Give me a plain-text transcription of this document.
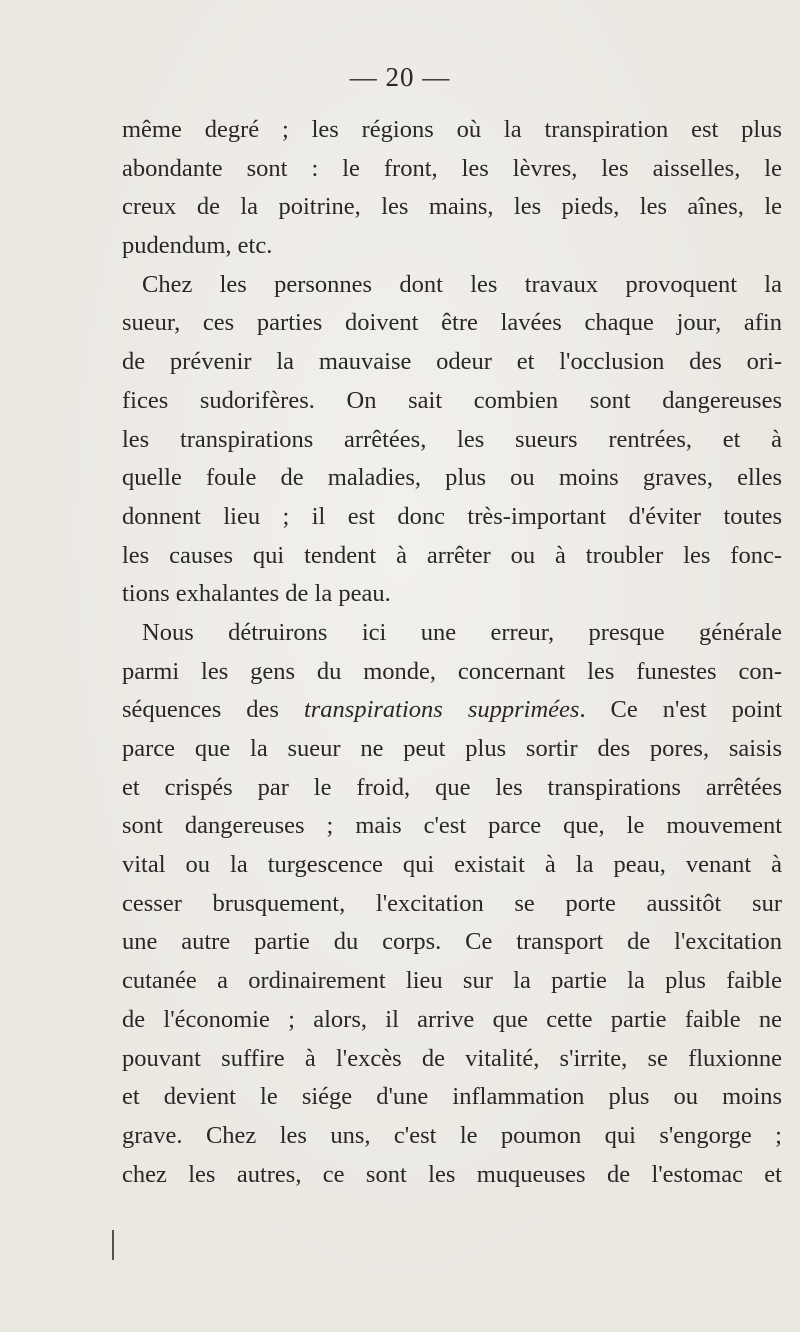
— 20 —
même degré ; les régions où la transpiration est plus
abondante sont : le front, les lèvres, les aisselles, le
creux de la poitrine, les mains, les pieds, les aînes, le
pudendum, etc.
Chez les personnes dont les travaux provoquent la
sueur, ces parties doivent être lavées chaque jour, afin
de prévenir la mauvaise odeur et l'occlusion des ori-
fices sudorifères. On sait combien sont dangereuses
les transpirations arrêtées, les sueurs rentrées, et à
quelle foule de maladies, plus ou moins graves, elles
donnent lieu ; il est donc très-important d'éviter toutes
les causes qui tendent à arrêter ou à troubler les fonc-
tions exhalantes de la peau.
Nous détruirons ici une erreur, presque générale
parmi les gens du monde, concernant les funestes con-
séquences des transpirations supprimées. Ce n'est point
parce que la sueur ne peut plus sortir des pores, saisis
et crispés par le froid, que les transpirations arrêtées
sont dangereuses ; mais c'est parce que, le mouvement
vital ou la turgescence qui existait à la peau, venant à
cesser brusquement, l'excitation se porte aussitôt sur
une autre partie du corps. Ce transport de l'excitation
cutanée a ordinairement lieu sur la partie la plus faible
de l'économie ; alors, il arrive que cette partie faible ne
pouvant suffire à l'excès de vitalité, s'irrite, se fluxionne
et devient le siége d'une inflammation plus ou moins
grave. Chez les uns, c'est le poumon qui s'engorge ;
chez les autres, ce sont les muqueuses de l'estomac et
